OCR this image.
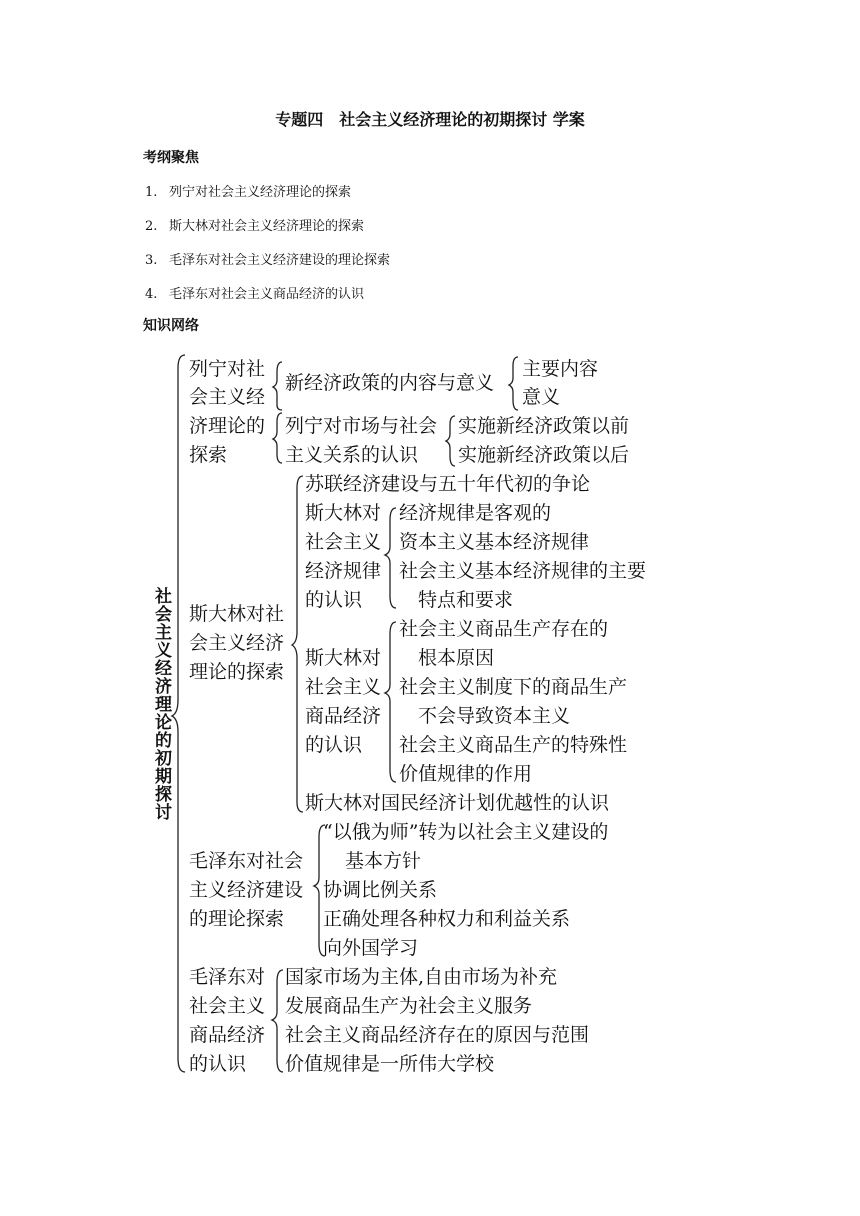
专题四　社会主义经济理论的初期探讨 学案
考纲聚焦
1. 列宁对社会主义经济理论的探索
2. 斯大林对社会主义经济理论的探索
3. 毛泽东对社会主义经济建设的理论探索
4. 毛泽东对社会主义商品经济的认识
知识网络
社会主义经济理论的初期探讨
列宁对社
会主义经
济理论的
探索
新经济政策的内容与意义
主要内容
意义
列宁对市场与社会
主义关系的认识
实施新经济政策以前
实施新经济政策以后
斯大林对社
会主义经济
理论的探索
苏联经济建设与五十年代初的争论
斯大林对
社会主义
经济规律
的认识
经济规律是客观的
资本主义基本经济规律
社会主义基本经济规律的主要
特点和要求
斯大林对
社会主义
商品经济
的认识
社会主义商品生产存在的
根本原因
社会主义制度下的商品生产
不会导致资本主义
社会主义商品生产的特殊性
价值规律的作用
斯大林对国民经济计划优越性的认识
毛泽东对社会
主义经济建设
的理论探索
“以俄为师”转为以社会主义建设的
基本方针
协调比例关系
正确处理各种权力和利益关系
向外国学习
毛泽东对
社会主义
商品经济
的认识
国家市场为主体,自由市场为补充
发展商品生产为社会主义服务
社会主义商品经济存在的原因与范围
价值规律是一所伟大学校
